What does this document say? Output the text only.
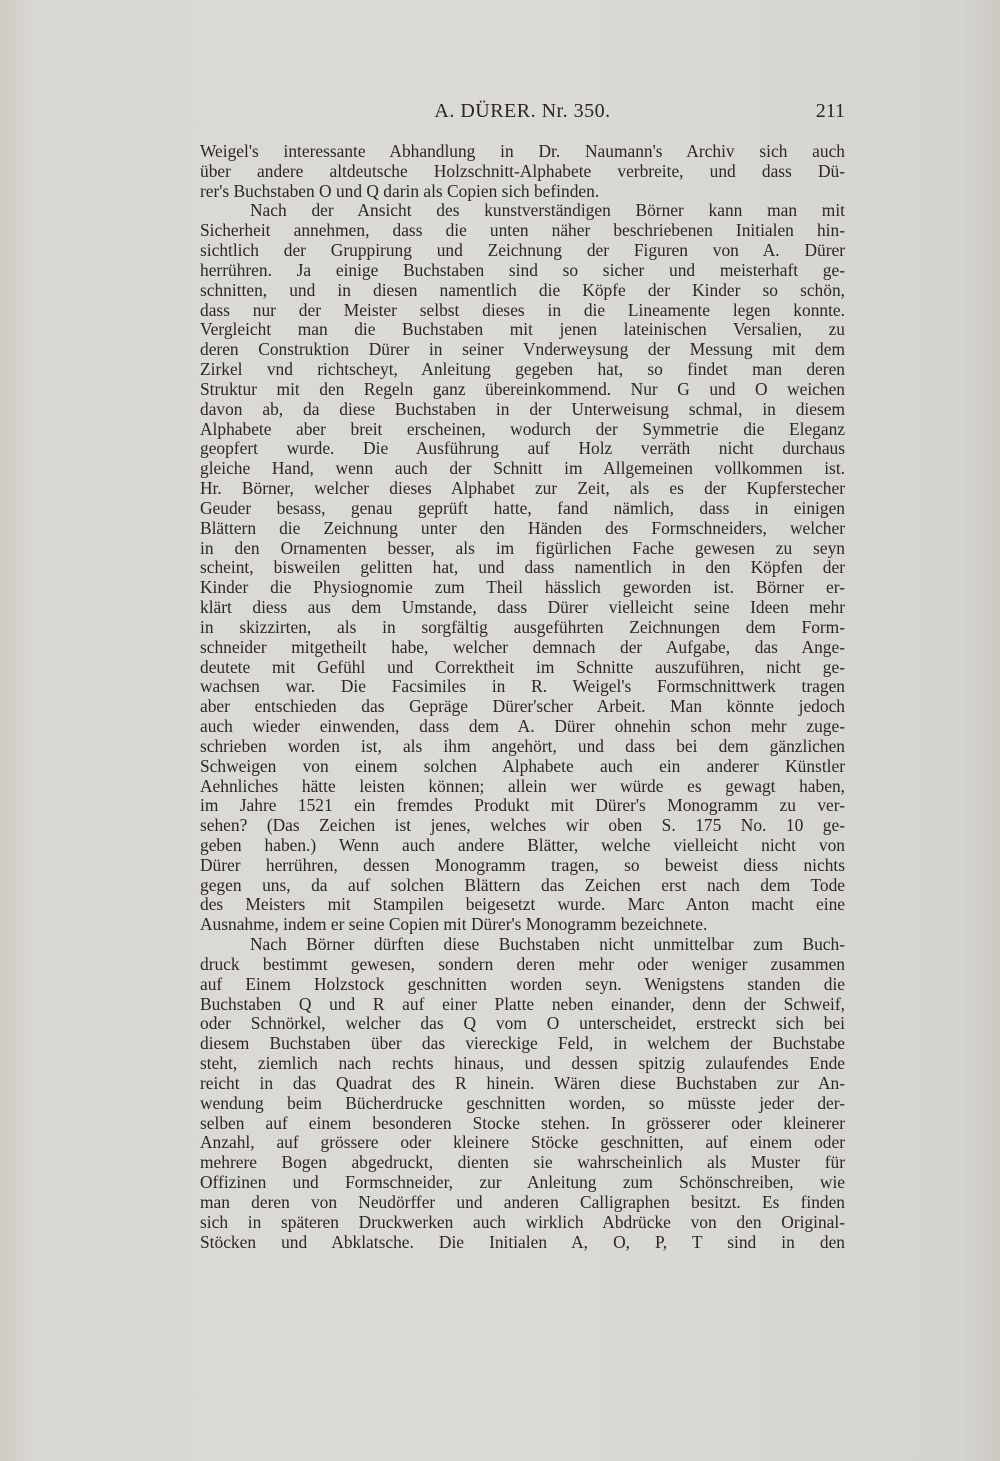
A. DÜRER. Nr. 350.	211
Weigel's interessante Abhandlung in Dr. Naumann's Archiv sich auch
über andere altdeutsche Holzschnitt-Alphabete verbreite, und dass Dü-
rer's Buchstaben O und Q darin als Copien sich befinden.
Nach der Ansicht des kunstverständigen Börner kann man mit
Sicherheit annehmen, dass die unten näher beschriebenen Initialen hin-
sichtlich der Gruppirung und Zeichnung der Figuren von A. Dürer
herrühren. Ja einige Buchstaben sind so sicher und meisterhaft ge-
schnitten, und in diesen namentlich die Köpfe der Kinder so schön,
dass nur der Meister selbst dieses in die Lineamente legen konnte.
Vergleicht man die Buchstaben mit jenen lateinischen Versalien, zu
deren Construktion Dürer in seiner Vnderweysung der Messung mit dem
Zirkel vnd richtscheyt, Anleitung gegeben hat, so findet man deren
Struktur mit den Regeln ganz übereinkommend. Nur G und O weichen
davon ab, da diese Buchstaben in der Unterweisung schmal, in diesem
Alphabete aber breit erscheinen, wodurch der Symmetrie die Eleganz
geopfert wurde. Die Ausführung auf Holz verräth nicht durchaus
gleiche Hand, wenn auch der Schnitt im Allgemeinen vollkommen ist.
Hr. Börner, welcher dieses Alphabet zur Zeit, als es der Kupferstecher
Geuder besass, genau geprüft hatte, fand nämlich, dass in einigen
Blättern die Zeichnung unter den Händen des Formschneiders, welcher
in den Ornamenten besser, als im figürlichen Fache gewesen zu seyn
scheint, bisweilen gelitten hat, und dass namentlich in den Köpfen der
Kinder die Physiognomie zum Theil hässlich geworden ist. Börner er-
klärt diess aus dem Umstande, dass Dürer vielleicht seine Ideen mehr
in skizzirten, als in sorgfältig ausgeführten Zeichnungen dem Form-
schneider mitgetheilt habe, welcher demnach der Aufgabe, das Ange-
deutete mit Gefühl und Correktheit im Schnitte auszuführen, nicht ge-
wachsen war. Die Facsimiles in R. Weigel's Formschnittwerk tragen
aber entschieden das Gepräge Dürer'scher Arbeit. Man könnte jedoch
auch wieder einwenden, dass dem A. Dürer ohnehin schon mehr zuge-
schrieben worden ist, als ihm angehört, und dass bei dem gänzlichen
Schweigen von einem solchen Alphabete auch ein anderer Künstler
Aehnliches hätte leisten können; allein wer würde es gewagt haben,
im Jahre 1521 ein fremdes Produkt mit Dürer's Monogramm zu ver-
sehen? (Das Zeichen ist jenes, welches wir oben S. 175 No. 10 ge-
geben haben.) Wenn auch andere Blätter, welche vielleicht nicht von
Dürer herrühren, dessen Monogramm tragen, so beweist diess nichts
gegen uns, da auf solchen Blättern das Zeichen erst nach dem Tode
des Meisters mit Stampilen beigesetzt wurde. Marc Anton macht eine
Ausnahme, indem er seine Copien mit Dürer's Monogramm bezeichnete.
Nach Börner dürften diese Buchstaben nicht unmittelbar zum Buch-
druck bestimmt gewesen, sondern deren mehr oder weniger zusammen
auf Einem Holzstock geschnitten worden seyn. Wenigstens standen die
Buchstaben Q und R auf einer Platte neben einander, denn der Schweif,
oder Schnörkel, welcher das Q vom O unterscheidet, erstreckt sich bei
diesem Buchstaben über das viereckige Feld, in welchem der Buchstabe
steht, ziemlich nach rechts hinaus, und dessen spitzig zulaufendes Ende
reicht in das Quadrat des R hinein. Wären diese Buchstaben zur An-
wendung beim Bücherdrucke geschnitten worden, so müsste jeder der-
selben auf einem besonderen Stocke stehen. In grösserer oder kleinerer
Anzahl, auf grössere oder kleinere Stöcke geschnitten, auf einem oder
mehrere Bogen abgedruckt, dienten sie wahrscheinlich als Muster für
Offizinen und Formschneider, zur Anleitung zum Schönschreiben, wie
man deren von Neudörffer und anderen Calligraphen besitzt. Es finden
sich in späteren Druckwerken auch wirklich Abdrücke von den Original-
Stöcken und Abklatsche. Die Initialen A, O, P, T sind in den
